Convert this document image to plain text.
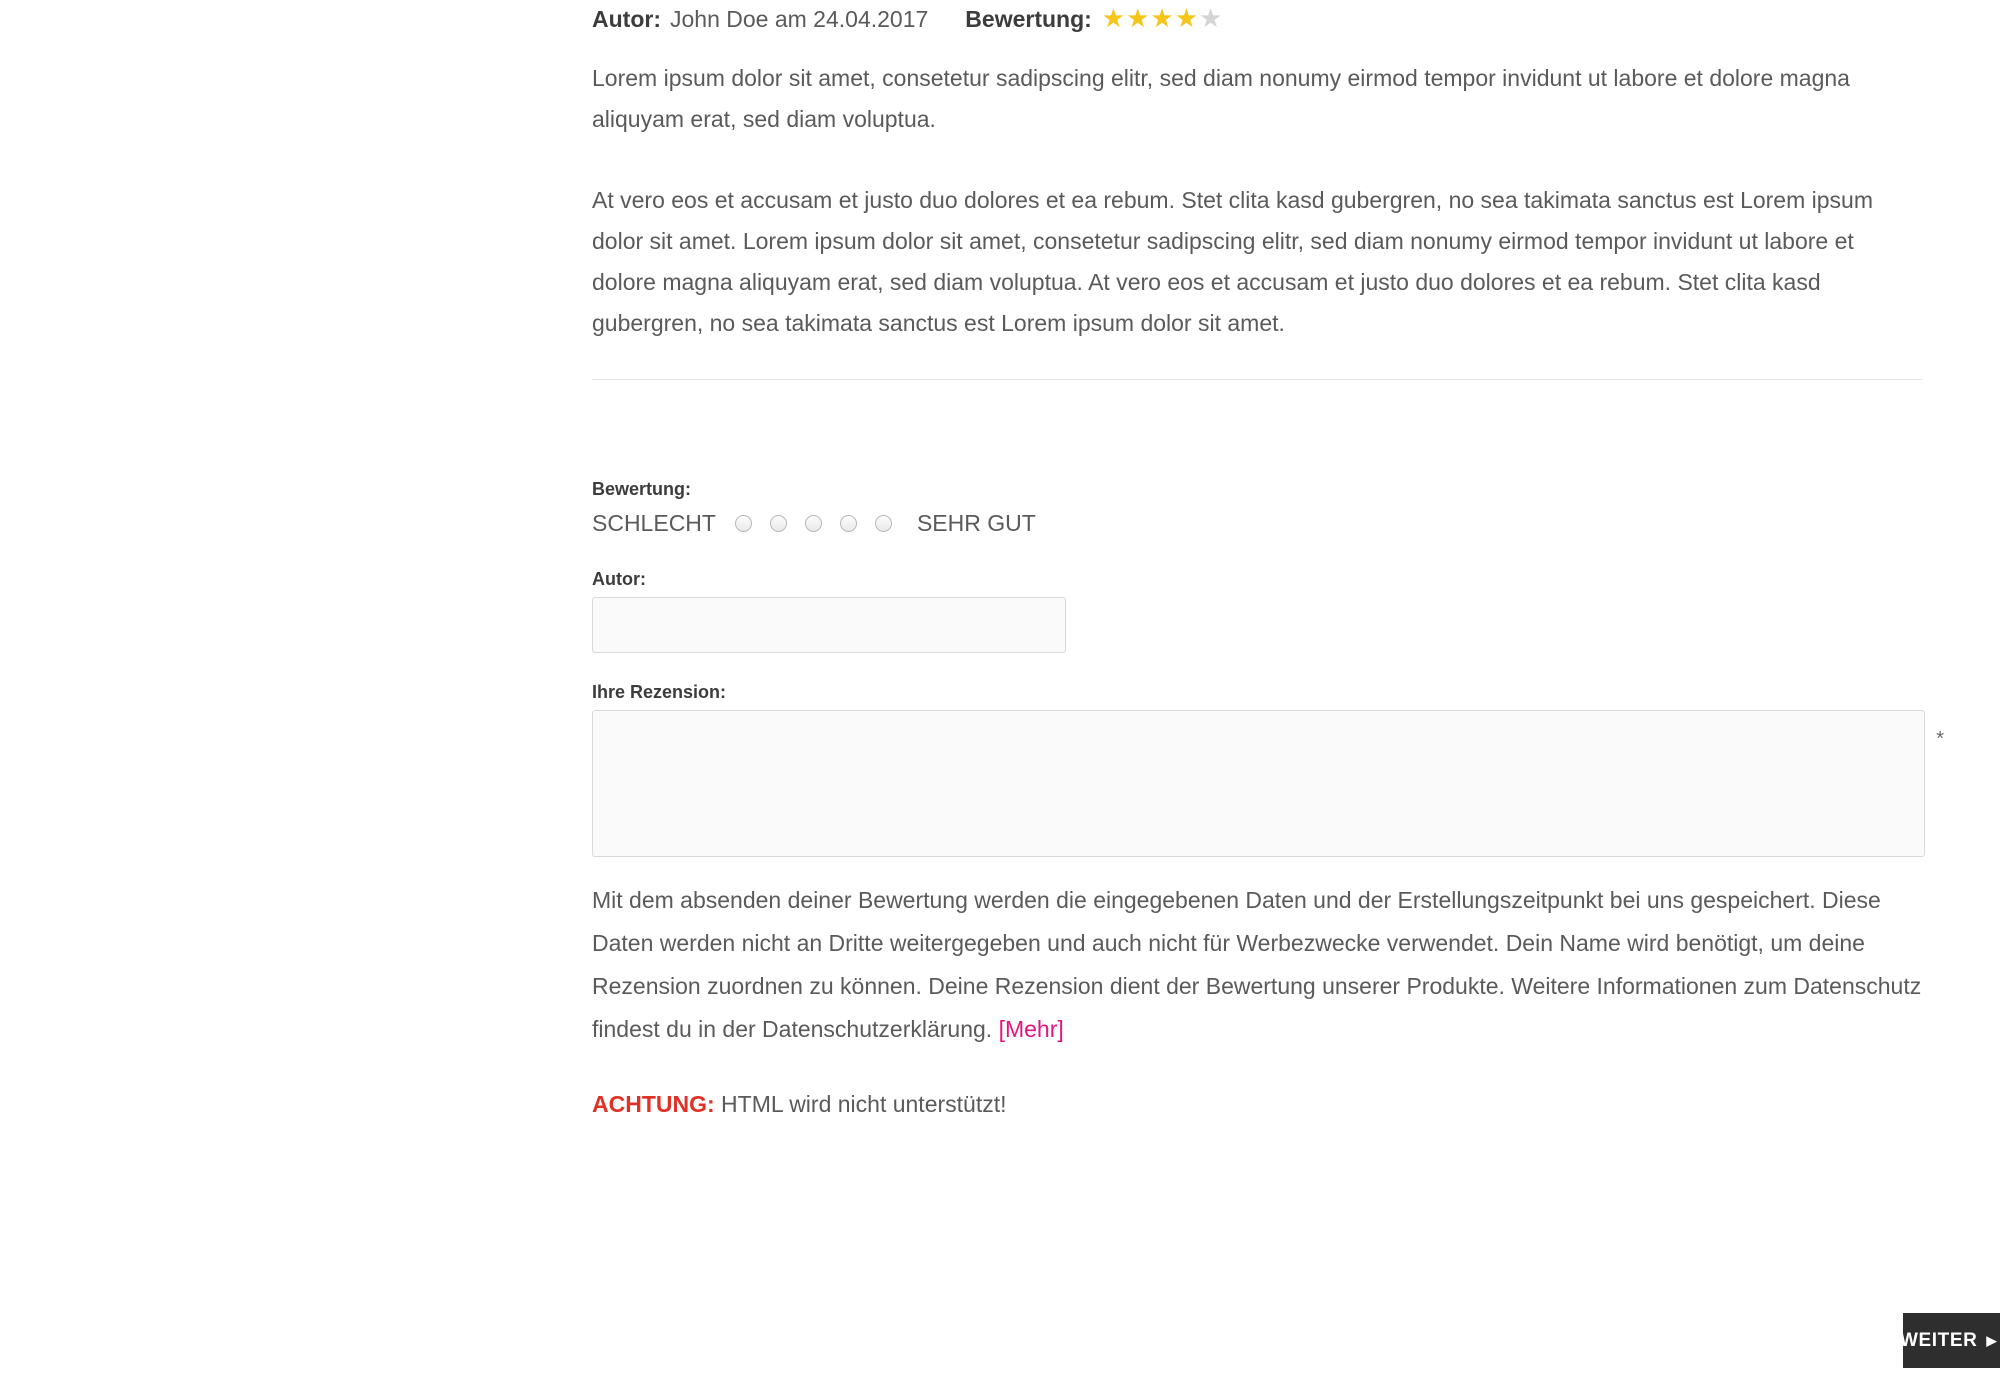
Autor: John Doe am 24.04.2017 Bewertung: ★ ★ ★ ★ ★

Lorem ipsum dolor sit amet, consetetur sadipscing elitr, sed diam nonumy eirmod tempor invidunt ut labore et dolore magna aliquyam erat, sed diam voluptua.

At vero eos et accusam et justo duo dolores et ea rebum. Stet clita kasd gubergren, no sea takimata sanctus est Lorem ipsum dolor sit amet. Lorem ipsum dolor sit amet, consetetur sadipscing elitr, sed diam nonumy eirmod tempor invidunt ut labore et dolore magna aliquyam erat, sed diam voluptua. At vero eos et accusam et justo duo dolores et ea rebum. Stet clita kasd gubergren, no sea takimata sanctus est Lorem ipsum dolor sit amet.

Bewertung:
SCHLECHT	SEHR GUT
Autor:
Ihre Rezension:
*
Mit dem absenden deiner Bewertung werden die eingegebenen Daten und der Erstellungszeitpunkt bei uns gespeichert. Diese Daten werden nicht an Dritte weitergegeben und auch nicht für Werbezwecke verwendet. Dein Name wird benötigt, um deine Rezension zuordnen zu können. Deine Rezension dient der Bewertung unserer Produkte. Weitere Informationen zum Datenschutz findest du in der Datenschutzerklärung. [Mehr]
ACHTUNG: HTML wird nicht unterstützt!
WEITER ▶
